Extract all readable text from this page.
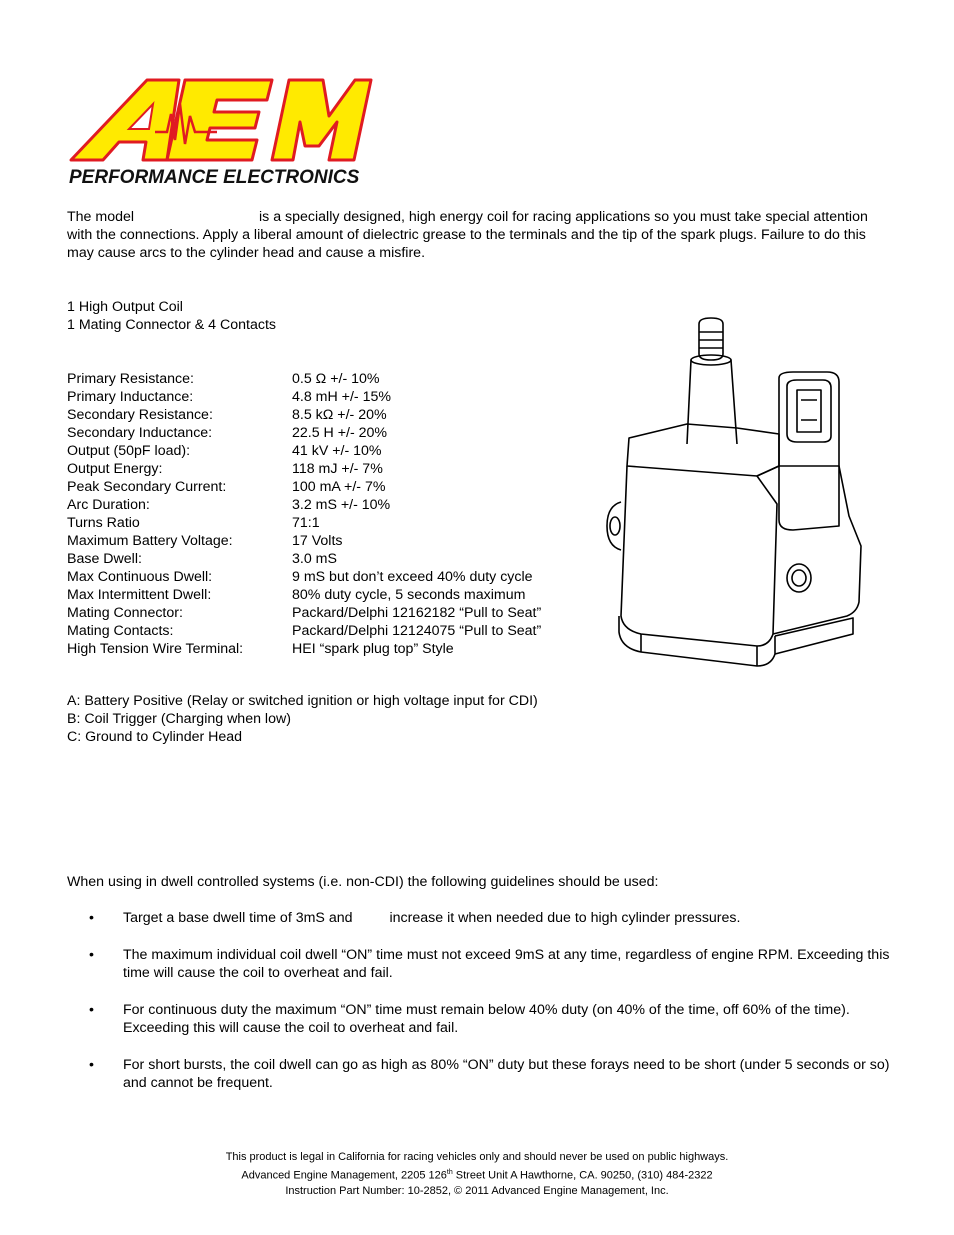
PERFORMANCE ELECTRONICS
The model	is a specially designed, high energy coil for racing applications so you must take special attention with the connections. Apply a liberal amount of dielectric grease to the terminals and the tip of the spark plugs. Failure to do this may cause arcs to the cylinder head and cause a misfire.
1 High Output Coil
1 Mating Connector & 4 Contacts
Primary Resistance:	0.5 Ω +/- 10%
Primary Inductance:	4.8 mH +/- 15%
Secondary Resistance:	8.5 kΩ +/- 20%
Secondary Inductance:	22.5 H +/- 20%
Output (50pF load):	41 kV +/- 10%
Output Energy:	118 mJ +/- 7%
Peak Secondary Current:	100 mA +/- 7%
Arc Duration:	3.2 mS +/- 10%
Turns Ratio	71:1
Maximum Battery Voltage:	17 Volts
Base Dwell:	3.0 mS
Max Continuous Dwell:	9 mS but don’t exceed 40% duty cycle
Max Intermittent Dwell:	80% duty cycle, 5 seconds maximum
Mating Connector:	Packard/Delphi 12162182 “Pull to Seat”
Mating Contacts:	Packard/Delphi 12124075 “Pull to Seat”
High Tension Wire Terminal:	HEI “spark plug top” Style
A: Battery Positive (Relay or switched ignition or high voltage input for CDI)
B: Coil Trigger (Charging when low)
C: Ground to Cylinder Head
When using in dwell controlled systems (i.e. non-CDI) the following guidelines should be used:
• Target a base dwell time of 3mS and	increase it when needed due to high cylinder pressures.
• The maximum individual coil dwell “ON” time must not exceed 9mS at any time, regardless of engine RPM. Exceeding this time will cause the coil to overheat and fail.
• For continuous duty the maximum “ON” time must remain below 40% duty (on 40% of the time, off 60% of the time). Exceeding this will cause the coil to overheat and fail.
• For short bursts, the coil dwell can go as high as 80% “ON” duty but these forays need to be short (under 5 seconds or so) and cannot be frequent.
This product is legal in California for racing vehicles only and should never be used on public highways.
Advanced Engine Management, 2205 126th Street Unit A Hawthorne, CA. 90250, (310) 484-2322
Instruction Part Number: 10-2852, © 2011 Advanced Engine Management, Inc.
